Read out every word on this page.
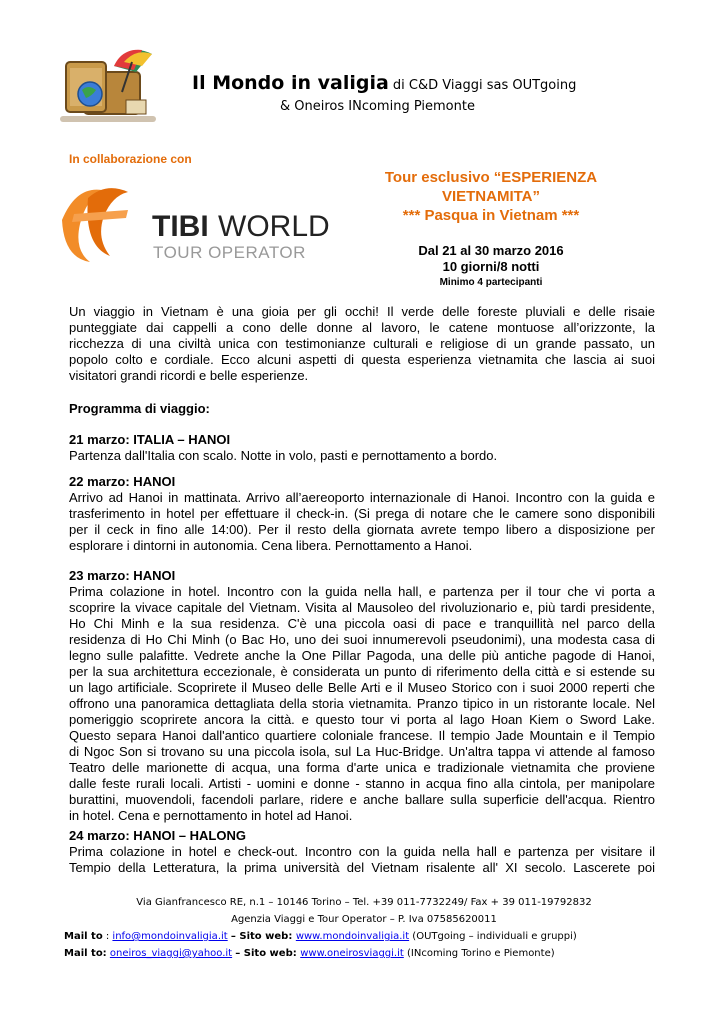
Il Mondo in valigia di C&D Viaggi sas OUTgoing
& Oneiros INcoming Piemonte
In collaborazione con
TIBI WORLD
TOUR OPERATOR
Tour esclusivo “ESPERIENZA
VIETNAMITA”
*** Pasqua in Vietnam ***
Dal 21 al 30 marzo 2016
10 giorni/8 notti
Minimo 4 partecipanti

Un viaggio in Vietnam è una gioia per gli occhi! Il verde delle foreste pluviali e delle risaie

punteggiate dai cappelli a cono delle donne al lavoro, le catene montuose all’orizzonte, la

ricchezza di una civiltà unica con testimonianze culturali e religiose di un grande passato, un

popolo colto e cordiale. Ecco alcuni aspetti di questa esperienza vietnamita che lascia ai suoi

visitatori grandi ricordi e belle esperienze.

Programma di viaggio:

21 marzo: ITALIA – HANOI

Partenza dall'Italia con scalo. Notte in volo, pasti e pernottamento a bordo.

22 marzo: HANOI

Arrivo ad Hanoi in mattinata. Arrivo all’aereoporto internazionale di Hanoi. Incontro con la guida e

trasferimento in hotel per effettuare il check-in. (Si prega di notare che le camere sono disponibili

per il ceck in fino alle 14:00). Per il resto della giornata avrete tempo libero a disposizione per

esplorare i dintorni in autonomia. Cena libera. Pernottamento a Hanoi.

23 marzo: HANOI

Prima colazione in hotel. Incontro con la guida nella hall, e partenza per il tour che vi porta a

scoprire la vivace capitale del Vietnam. Visita al Mausoleo del rivoluzionario e, più tardi presidente,

Ho Chi Minh e la sua residenza. C'è una piccola oasi di pace e tranquillità nel parco della

residenza di Ho Chi Minh (o Bac Ho, uno dei suoi innumerevoli pseudonimi), una modesta casa di

legno sulle palafitte. Vedrete anche la One Pillar Pagoda, una delle più antiche pagode di Hanoi,

per la sua architettura eccezionale, è considerata un punto di riferimento della città e si estende su

un lago artificiale. Scoprirete il Museo delle Belle Arti e il Museo Storico con i suoi 2000 reperti che

offrono una panoramica dettagliata della storia vietnamita. Pranzo tipico in un ristorante locale. Nel

pomeriggio scoprirete ancora la città. e questo tour vi porta al lago Hoan Kiem o Sword Lake.

Questo separa Hanoi dall'antico quartiere coloniale francese. Il tempio Jade Mountain e il Tempio

di Ngoc Son si trovano su una piccola isola, sul La Huc-Bridge. Un'altra tappa vi attende al famoso

Teatro delle marionette di acqua, una forma d'arte unica e tradizionale vietnamita che proviene

dalle feste rurali locali. Artisti - uomini e donne - stanno in acqua fino alla cintola, per manipolare

burattini, muovendoli, facendoli parlare, ridere e anche ballare sulla superficie dell'acqua. Rientro

in hotel. Cena e pernottamento in hotel ad Hanoi.

24 marzo: HANOI – HALONG

Prima colazione in hotel e check-out. Incontro con la guida nella hall e partenza per visitare il

Tempio della Letteratura, la prima università del Vietnam risalente all' XI secolo. Lascerete poi

Via Gianfrancesco RE, n.1 – 10146 Torino – Tel. +39 011-7732249/ Fax + 39 011-19792832
Agenzia Viaggi e Tour Operator – P. Iva 07585620011
Mail to : info@mondoinvaligia.it – Sito web: www.mondoinvaligia.it (OUTgoing – individuali e gruppi)
Mail to: oneiros_viaggi@yahoo.it – Sito web: www.oneirosviaggi.it (INcoming Torino e Piemonte)
